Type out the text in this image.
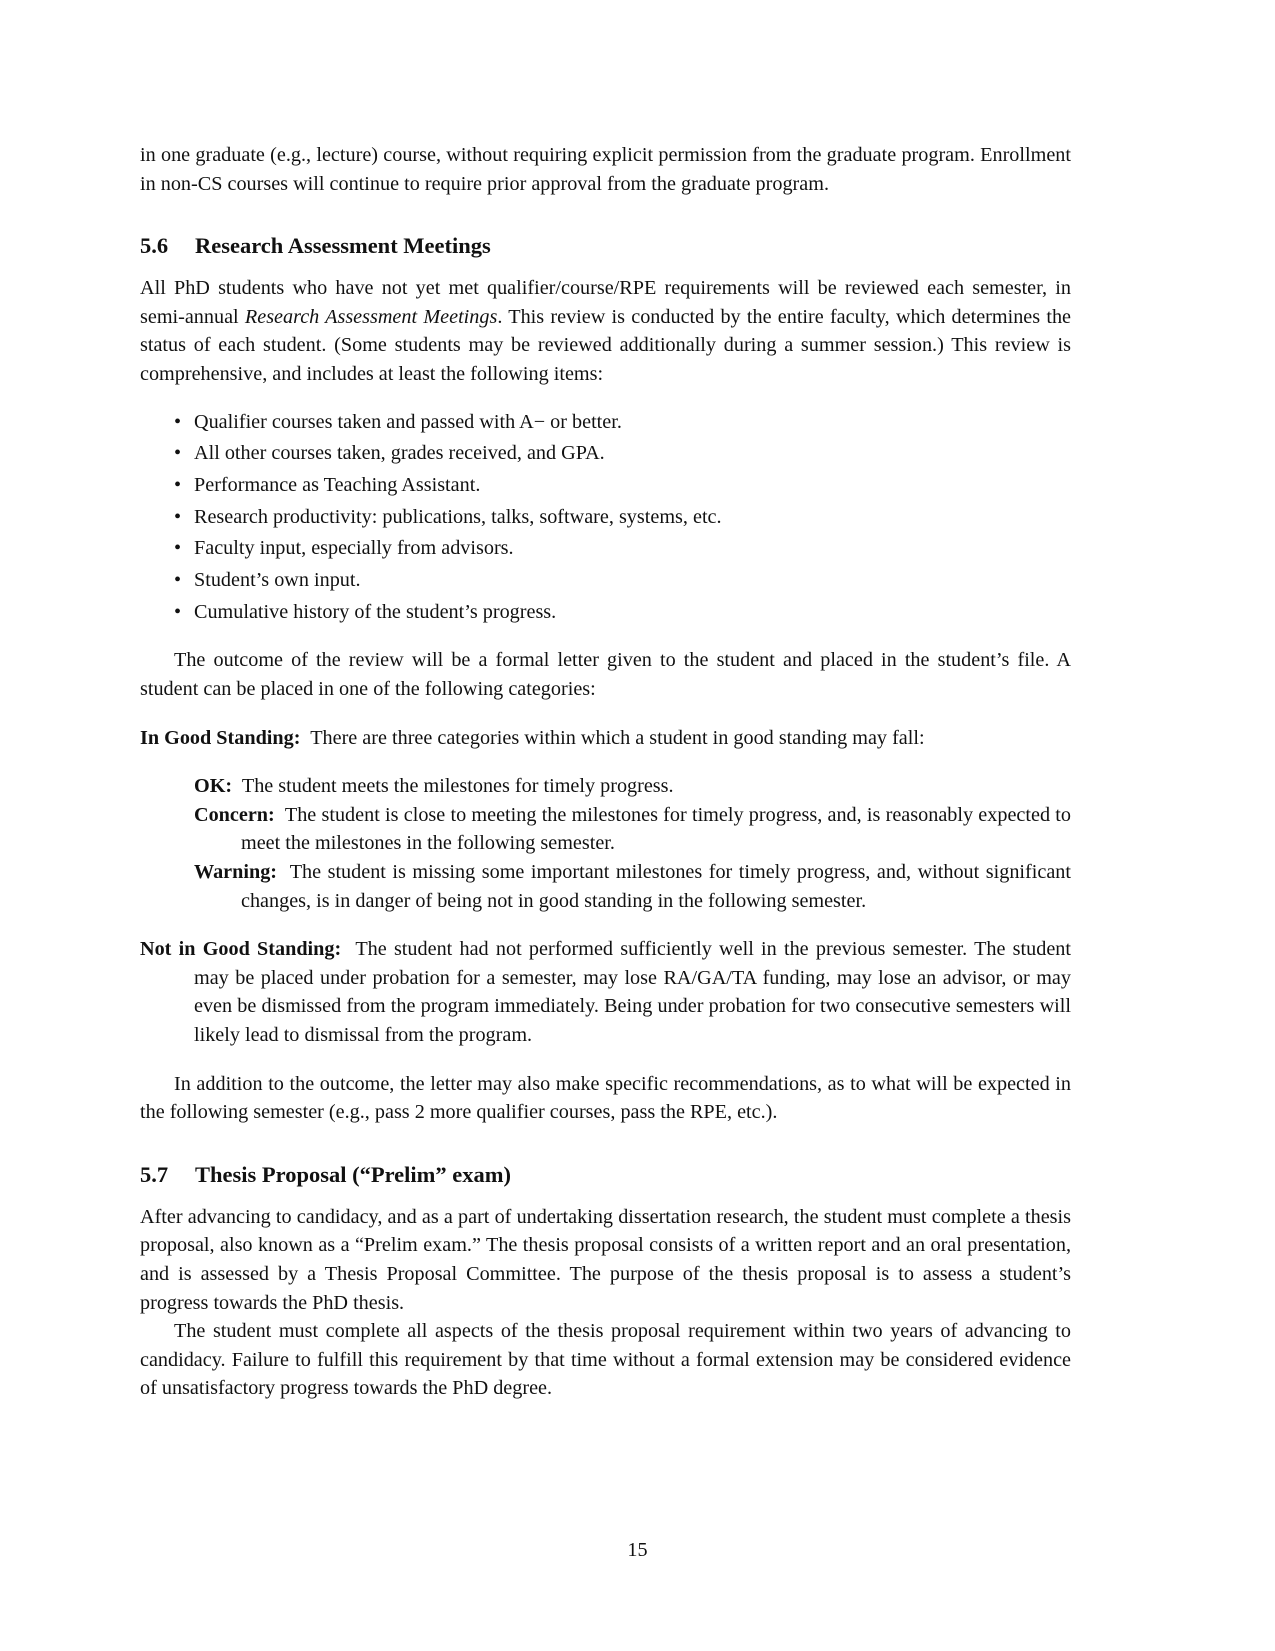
in one graduate (e.g., lecture) course, without requiring explicit permission from the graduate program. Enrollment in non-CS courses will continue to require prior approval from the graduate program.

5.6 Research Assessment Meetings

All PhD students who have not yet met qualifier/course/RPE requirements will be reviewed each semester, in semi-annual Research Assessment Meetings. This review is conducted by the entire faculty, which determines the status of each student. (Some students may be reviewed additionally during a summer session.) This review is comprehensive, and includes at least the following items:

• Qualifier courses taken and passed with A− or better.
• All other courses taken, grades received, and GPA.
• Performance as Teaching Assistant.
• Research productivity: publications, talks, software, systems, etc.
• Faculty input, especially from advisors.
• Student’s own input.
• Cumulative history of the student’s progress.

The outcome of the review will be a formal letter given to the student and placed in the student’s file. A student can be placed in one of the following categories:

In Good Standing: There are three categories within which a student in good standing may fall:
OK: The student meets the milestones for timely progress.
Concern: The student is close to meeting the milestones for timely progress, and, is reasonably expected to meet the milestones in the following semester.
Warning: The student is missing some important milestones for timely progress, and, without significant changes, is in danger of being not in good standing in the following semester.
Not in Good Standing: The student had not performed sufficiently well in the previous semester. The student may be placed under probation for a semester, may lose RA/GA/TA funding, may lose an advisor, or may even be dismissed from the program immediately. Being under probation for two consecutive semesters will likely lead to dismissal from the program.

In addition to the outcome, the letter may also make specific recommendations, as to what will be expected in the following semester (e.g., pass 2 more qualifier courses, pass the RPE, etc.).

5.7 Thesis Proposal (“Prelim” exam)

After advancing to candidacy, and as a part of undertaking dissertation research, the student must complete a thesis proposal, also known as a “Prelim exam.” The thesis proposal consists of a written report and an oral presentation, and is assessed by a Thesis Proposal Committee. The purpose of the thesis proposal is to assess a student’s progress towards the PhD thesis.

The student must complete all aspects of the thesis proposal requirement within two years of advancing to candidacy. Failure to fulfill this requirement by that time without a formal extension may be considered evidence of unsatisfactory progress towards the PhD degree.

15
